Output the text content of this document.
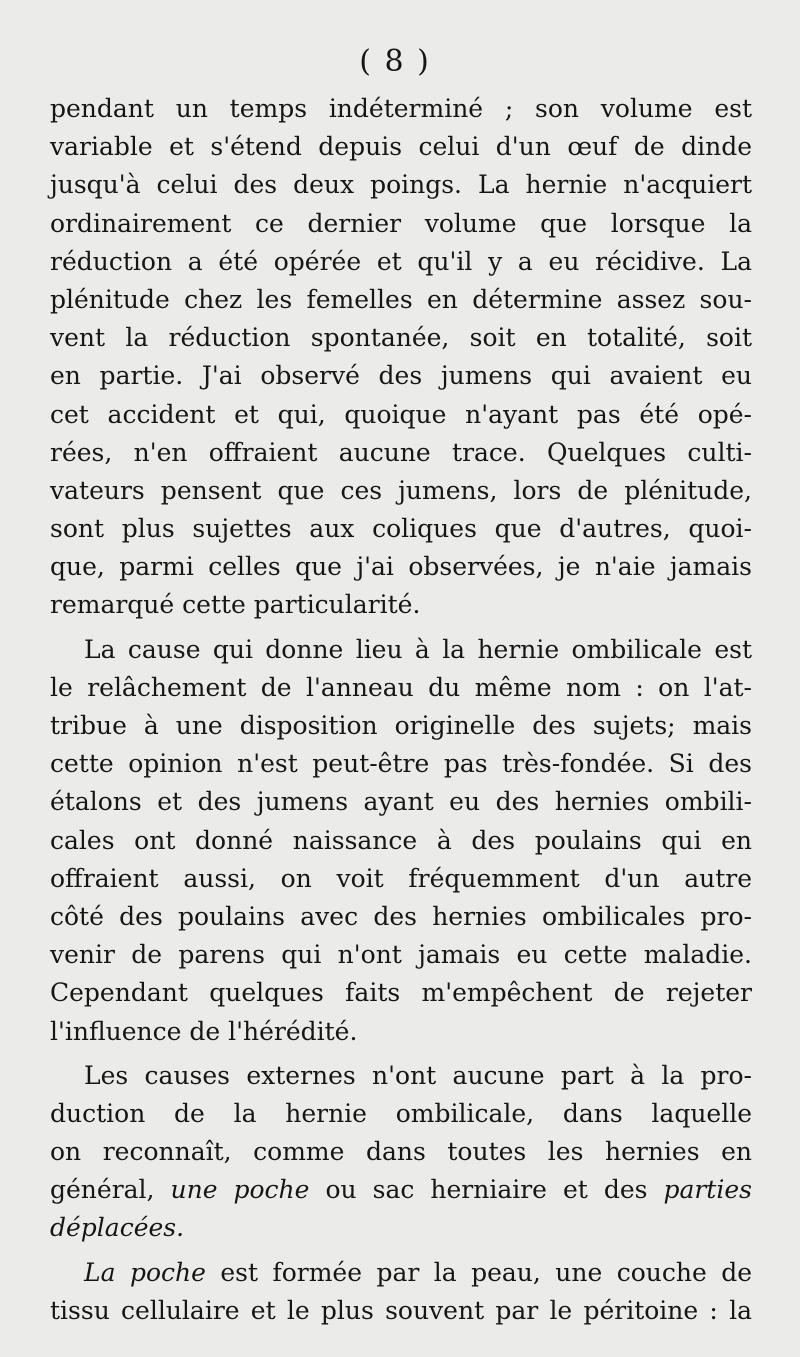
( 8 )
pendant un temps indéterminé ; son volume est
variable et s'étend depuis celui d'un œuf de dinde
jusqu'à celui des deux poings. La hernie n'acquiert
ordinairement ce dernier volume que lorsque la
réduction a été opérée et qu'il y a eu récidive. La
plénitude chez les femelles en détermine assez sou-
vent la réduction spontanée, soit en totalité, soit
en partie. J'ai observé des jumens qui avaient eu
cet accident et qui, quoique n'ayant pas été opé-
rées, n'en offraient aucune trace. Quelques culti-
vateurs pensent que ces jumens, lors de plénitude,
sont plus sujettes aux coliques que d'autres, quoi-
que, parmi celles que j'ai observées, je n'aie jamais
remarqué cette particularité.
La cause qui donne lieu à la hernie ombilicale est
le relâchement de l'anneau du même nom : on l'at-
tribue à une disposition originelle des sujets; mais
cette opinion n'est peut-être pas très-fondée. Si des
étalons et des jumens ayant eu des hernies ombili-
cales ont donné naissance à des poulains qui en
offraient aussi, on voit fréquemment d'un autre
côté des poulains avec des hernies ombilicales pro-
venir de parens qui n'ont jamais eu cette maladie.
Cependant quelques faits m'empêchent de rejeter
l'influence de l'hérédité.
Les causes externes n'ont aucune part à la pro-
duction de la hernie ombilicale, dans laquelle
on reconnaît, comme dans toutes les hernies en
général, une poche ou sac herniaire et des parties
déplacées.
La poche est formée par la peau, une couche de
tissu cellulaire et le plus souvent par le péritoine : la
